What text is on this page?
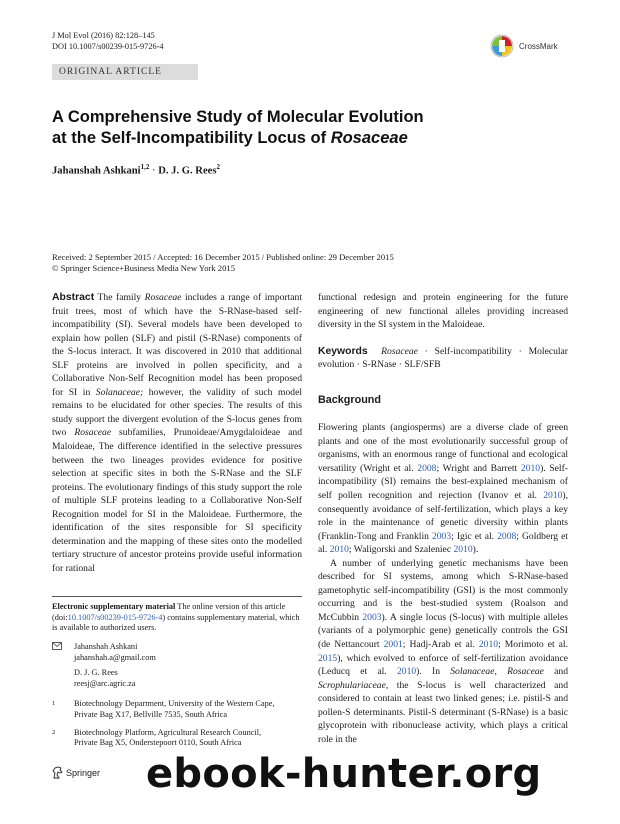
J Mol Evol (2016) 82:128–145
DOI 10.1007/s00239-015-9726-4	CrossMark
ORIGINAL ARTICLE
A Comprehensive Study of Molecular Evolution
at the Self-Incompatibility Locus of Rosaceae
Jahanshah Ashkani$^{1,2}$ · D. J. G. Rees$^2$
Received: 2 September 2015 / Accepted: 16 December 2015 / Published online: 29 December 2015
© Springer Science+Business Media New York 2015

Abstract The family Rosaceae includes a range of important fruit trees, most of which have the S-RNase-based self-incompatibility (SI). Several models have been developed to explain how pollen (SLF) and pistil (S-RNase) components of the S-locus interact. It was discovered in 2010 that additional SLF proteins are involved in pollen specificity, and a Collaborative Non-Self Recognition model has been proposed for SI in Solanaceae; however, the validity of such model remains to be elucidated for other species. The results of this study support the divergent evolution of the S-locus genes from two Rosaceae subfamilies, Prunoideae/Amygdaloideae and Maloideae, The difference identified in the selective pressures between the two lineages provides evidence for positive selection at specific sites in both the S-RNase and the SLF proteins. The evolutionary findings of this study support the role of multiple SLF proteins leading to a Collaborative Non-Self Recognition model for SI in the Maloideae. Furthermore, the identification of the sites responsible for SI specificity determination and the mapping of these sites onto the modelled tertiary structure of ancestor proteins provide useful information for rational

Electronic supplementary material The online version of this article (doi:10.1007/s00239-015-9726-4) contains supplementary material, which is available to authorized users.
Jahanshah Ashkani
jahanshah.a@gmail.com
D. J. G. Rees
reesj@arc.agric.za
1	Biotechnology Department, University of the Western Cape,
Private Bag X17, Bellville 7535, South Africa
2	Biotechnology Platform, Agricultural Research Council,
Private Bag X5, Onderstepoort 0110, South Africa
Springer

functional redesign and protein engineering for the future engineering of new functional alleles providing increased diversity in the SI system in the Maloideae.

Keywords Rosaceae · Self-incompatibility · Molecular evolution · S-RNase · SLF/SFB

Background

Flowering plants (angiosperms) are a diverse clade of green plants and one of the most evolutionarily successful group of organisms, with an enormous range of functional and ecological versatility (Wright et al. 2008; Wright and Barrett 2010). Self-incompatibility (SI) remains the best-explained mechanism of self pollen recognition and rejection (Ivanov et al. 2010), consequently avoidance of self-fertilization, which plays a key role in the maintenance of genetic diversity within plants (Franklin-Tong and Franklin 2003; Igic et al. 2008; Goldberg et al. 2010; Waligorski and Szaleniec 2010).

A number of underlying genetic mechanisms have been described for SI systems, among which S-RNase-based gametophytic self-incompatibility (GSI) is the most commonly occurring and is the best-studied system (Roalson and McCubbin 2003). A single locus (S-locus) with multiple alleles (variants of a polymorphic gene) genetically controls the GSI (de Nettancourt 2001; Hadj-Arab et al. 2010; Morimoto et al. 2015), which evolved to enforce of self-fertilization avoidance (Leducq et al. 2010). In Solanaceae, Rosaceae and Scrophulariaceae, the S-locus is well characterized and considered to contain at least two linked genes; i.e. pistil-S and pollen-S determinants. Pistil-S determinant (S-RNase) is a basic glycoprotein with ribonuclease activity, which plays a critical role in the

ebook-hunter.org
